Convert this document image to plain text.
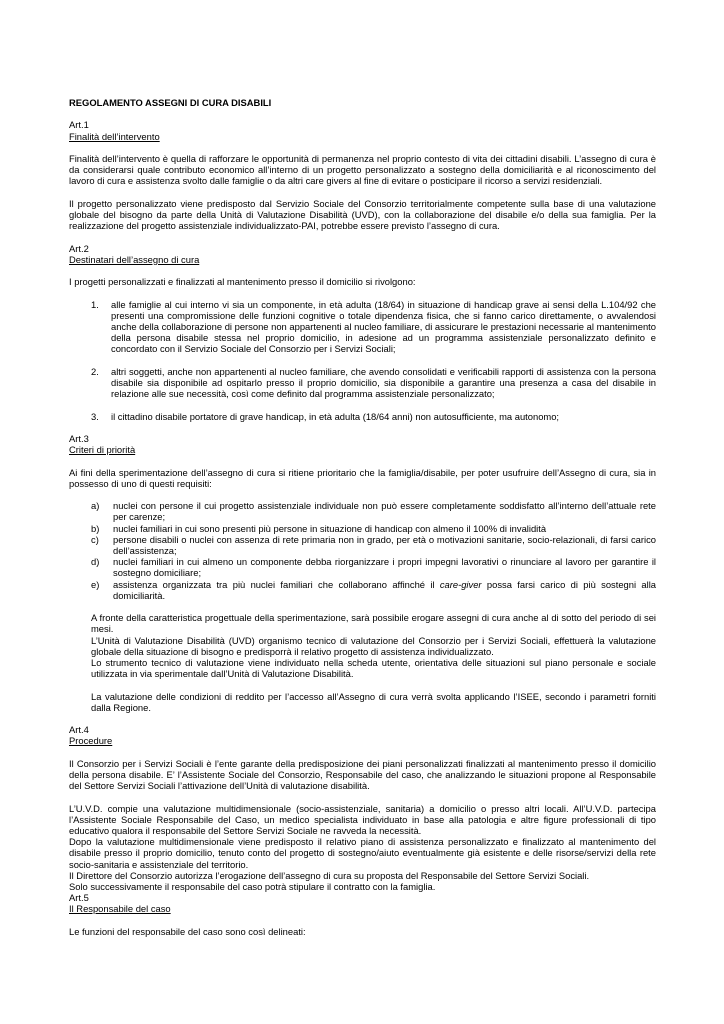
REGOLAMENTO ASSEGNI DI CURA DISABILI

Art.1

Finalità dell’intervento

Finalità dell’intervento è quella di rafforzare le opportunità di permanenza nel proprio contesto di vita dei cittadini disabili. L’assegno di cura è da considerarsi quale contributo economico all’interno di un progetto personalizzato a sostegno della domiciliarità e al riconoscimento del lavoro di cura e assistenza svolto dalle famiglie o da altri care givers al fine di evitare o posticipare il ricorso a servizi residenziali.

Il progetto personalizzato viene predisposto dal Servizio Sociale del Consorzio territorialmente competente sulla base di una valutazione globale del bisogno da parte della Unità di Valutazione Disabilità (UVD), con la collaborazione del disabile e/o della sua famiglia. Per la realizzazione del progetto assistenziale individualizzato-PAI, potrebbe essere previsto l’assegno di cura.

Art.2

Destinatari dell’assegno di cura

I progetti personalizzati e finalizzati al mantenimento presso il domicilio si rivolgono:

1.	alle famiglie al cui interno vi sia un componente, in età adulta (18/64) in situazione di handicap grave ai sensi della L.104/92 che presenti una compromissione delle funzioni cognitive o totale dipendenza fisica, che si fanno carico direttamente, o avvalendosi anche della collaborazione di persone non appartenenti al nucleo familiare, di assicurare le prestazioni necessarie al mantenimento della persona disabile stessa nel proprio domicilio, in adesione ad un programma assistenziale personalizzato definito e concordato con il Servizio Sociale del Consorzio per i Servizi Sociali;
2.	altri soggetti, anche non appartenenti al nucleo familiare, che avendo consolidati e verificabili rapporti di assistenza con la persona disabile sia disponibile ad ospitarlo presso il proprio domicilio, sia disponibile a garantire una presenza a casa del disabile in relazione alle sue necessità, così come definito dal programma assistenziale personalizzato;
3.	il cittadino disabile portatore di grave handicap, in età adulta (18/64 anni) non autosufficiente, ma autonomo;

Art.3

Criteri di priorità

Ai fini della sperimentazione dell’assegno di cura si ritiene prioritario che la famiglia/disabile, per poter usufruire dell’Assegno di cura, sia in possesso di uno di questi requisiti:

a)	nuclei con persone il cui progetto assistenziale individuale non può essere completamente soddisfatto all’interno dell’attuale rete per carenze;
b)	nuclei familiari in cui sono presenti più persone in situazione di handicap con almeno il 100% di invalidità
c)	persone disabili o nuclei con assenza di rete primaria non in grado, per età o motivazioni sanitarie, socio-relazionali, di farsi carico dell’assistenza;
d)	nuclei familiari in cui almeno un componente debba riorganizzare i propri impegni lavorativi o rinunciare al lavoro per garantire il sostegno domiciliare;
e)	assistenza organizzata tra più nuclei familiari che collaborano affinché il care-giver possa farsi carico di più sostegni alla domiciliarità.

A fronte della caratteristica progettuale della sperimentazione, sarà possibile erogare assegni di cura anche al di sotto del periodo di sei mesi.

L’Unità di Valutazione Disabilità (UVD) organismo tecnico di valutazione del Consorzio per i Servizi Sociali, effettuerà la valutazione globale della situazione di bisogno e predisporrà il relativo progetto di assistenza individualizzato.

Lo strumento tecnico di valutazione viene individuato nella scheda utente, orientativa delle situazioni sul piano personale e sociale utilizzata in via sperimentale dall’Unità di Valutazione Disabilità.

La valutazione delle condizioni di reddito per l’accesso all’Assegno di cura verrà svolta applicando l’ISEE, secondo i parametri forniti dalla Regione.

Art.4

Procedure

Il Consorzio per i Servizi Sociali è l’ente garante della predisposizione dei piani personalizzati finalizzati al mantenimento presso il domicilio della persona disabile. E’ l’Assistente Sociale del Consorzio, Responsabile del caso, che analizzando le situazioni propone al Responsabile del Settore Servizi Sociali l’attivazione dell’Unità di valutazione disabilità.

L’U.V.D. compie una valutazione multidimensionale (socio-assistenziale, sanitaria) a domicilio o presso altri locali. All’U.V.D. partecipa l’Assistente Sociale Responsabile del Caso, un medico specialista individuato in base alla patologia e altre figure professionali di tipo educativo qualora il responsabile del Settore Servizi Sociale ne ravveda la necessità.

Dopo la valutazione multidimensionale viene predisposto il relativo piano di assistenza personalizzato e finalizzato al mantenimento del disabile presso il proprio domicilio, tenuto conto del progetto di sostegno/aiuto eventualmente già esistente e delle risorse/servizi della rete socio-sanitaria e assistenziale del territorio.

Il Direttore del Consorzio autorizza l’erogazione dell’assegno di cura su proposta del Responsabile del Settore Servizi Sociali.

Solo successivamente il responsabile del caso potrà stipulare il contratto con la famiglia.

Art.5

Il Responsabile del caso

Le funzioni del responsabile del caso sono così delineati:
